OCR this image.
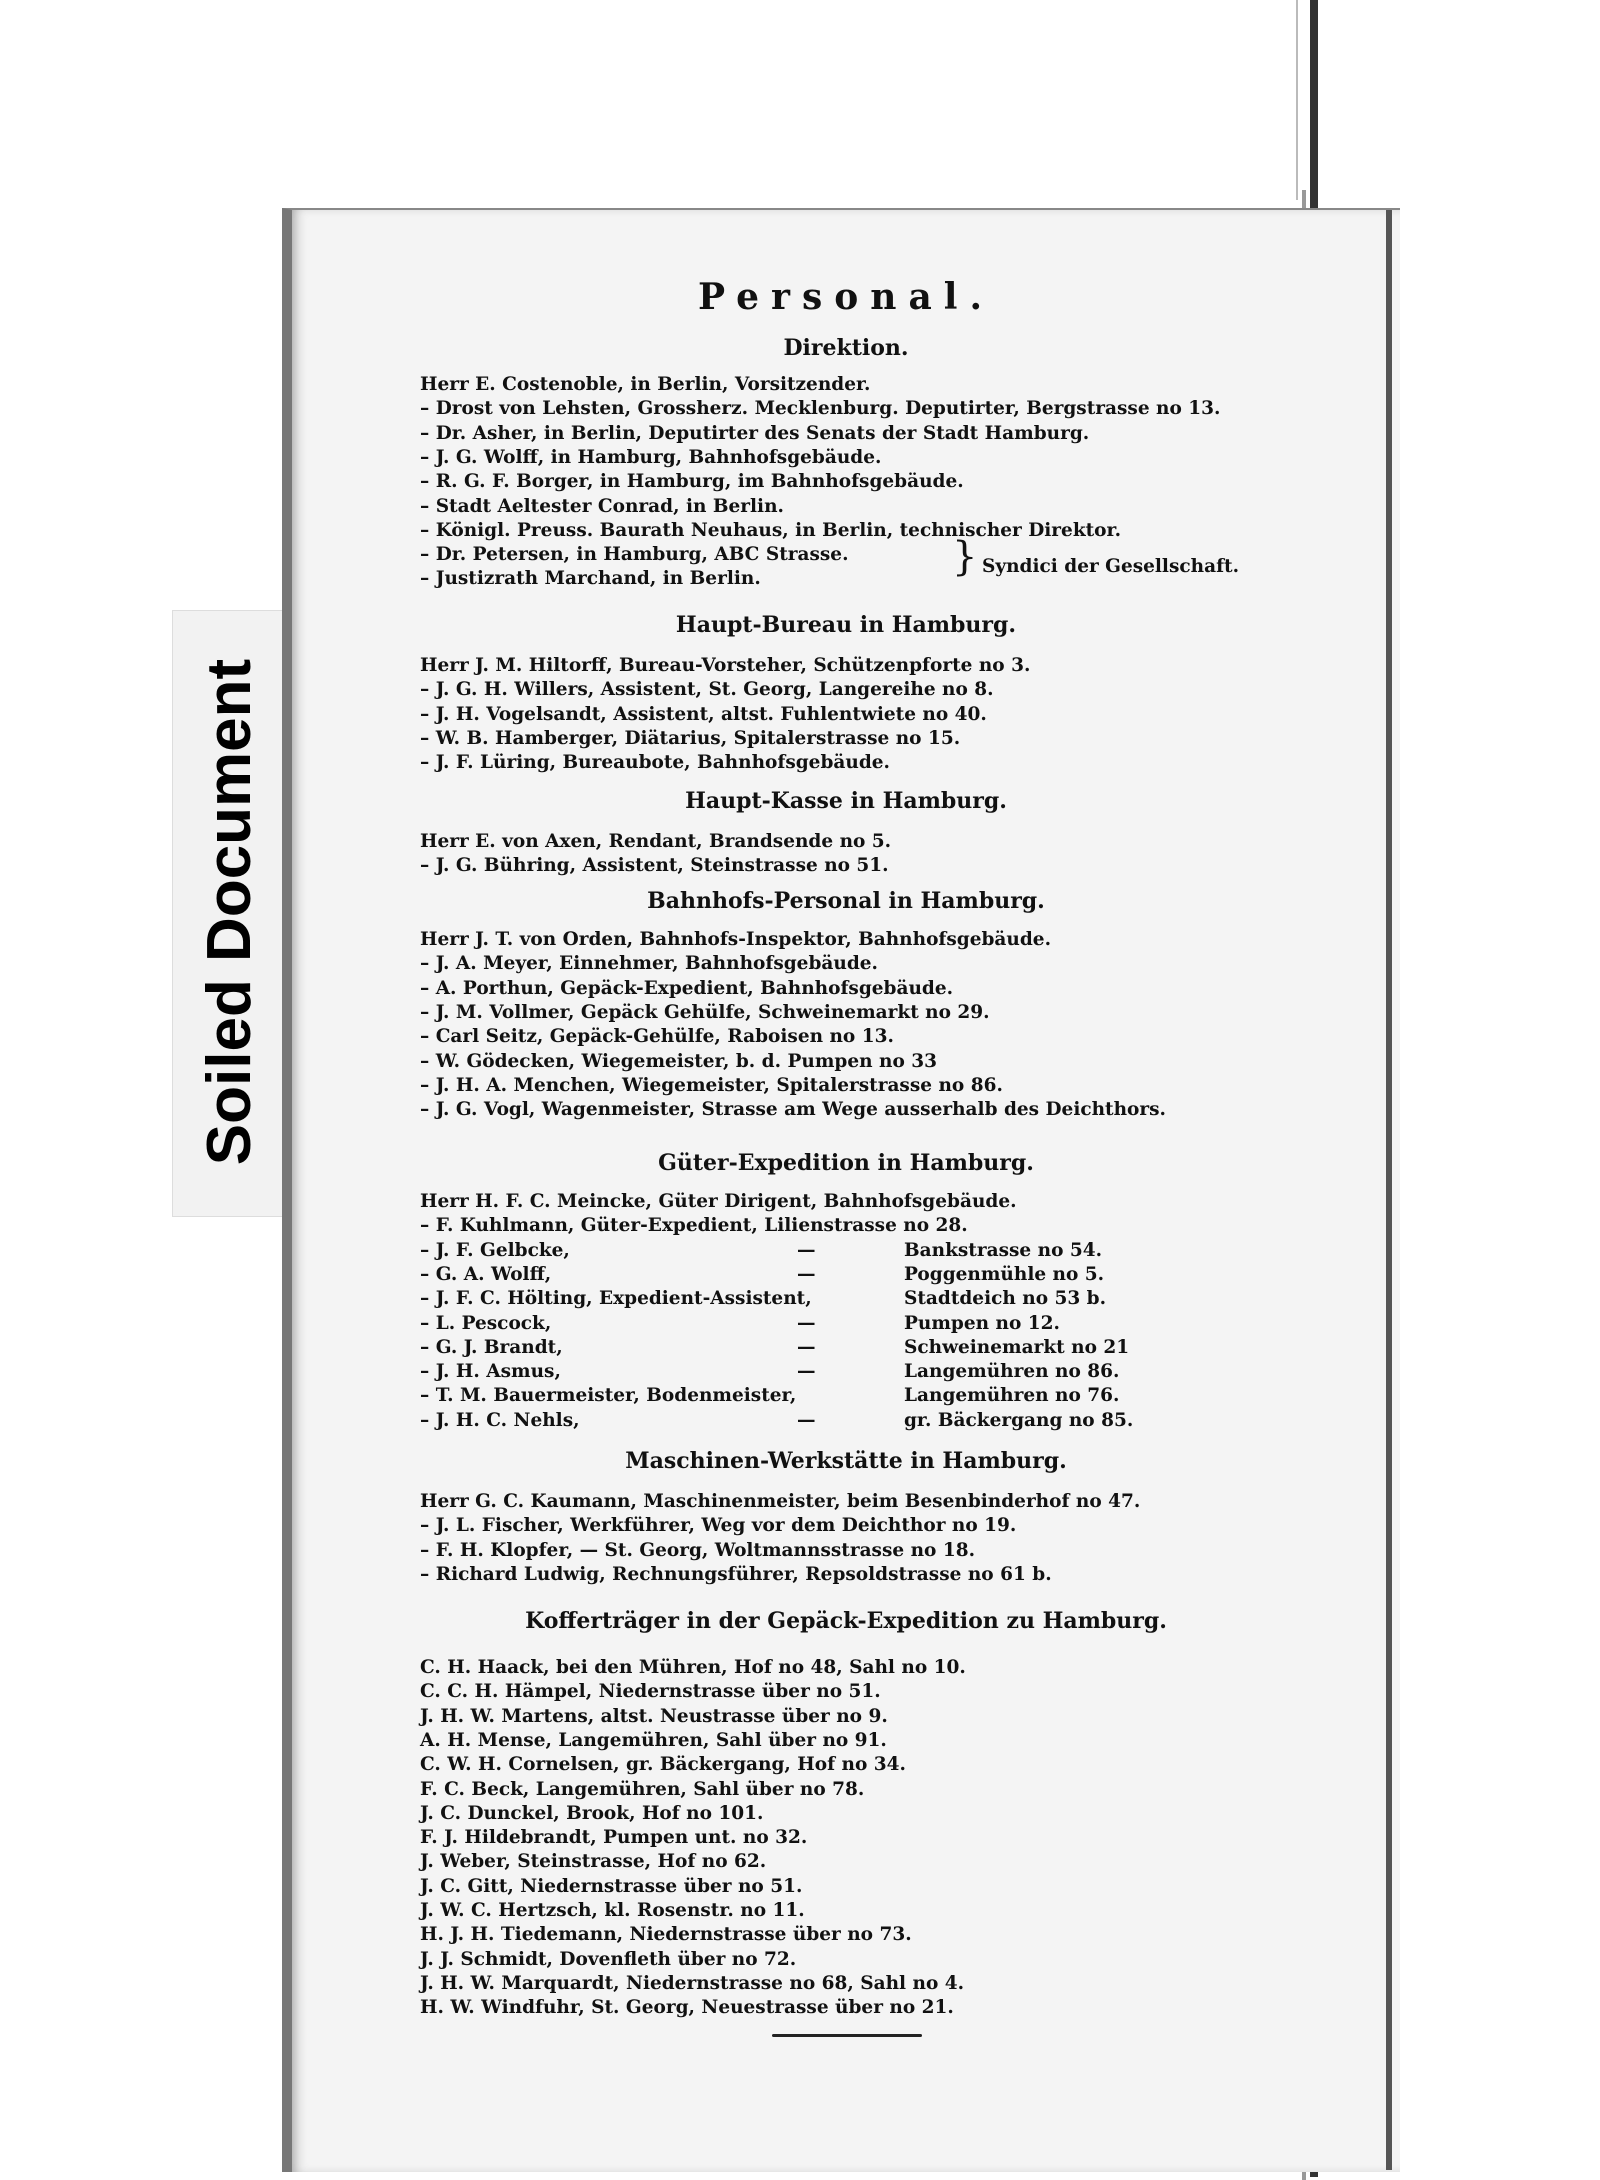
Soiled Document
Personal.
Direktion.
Herr E. Costenoble, in Berlin, Vorsitzender.
– Drost von Lehsten, Grossherz. Mecklenburg. Deputirter, Bergstrasse no 13.
– Dr. Asher, in Berlin, Deputirter des Senats der Stadt Hamburg.
– J. G. Wolff, in Hamburg, Bahnhofsgebäude.
– R. G. F. Borger, in Hamburg, im Bahnhofsgebäude.
– Stadt Aeltester Conrad, in Berlin.
– Königl. Preuss. Baurath Neuhaus, in Berlin, technischer Direktor.
– Dr. Petersen, in Hamburg, ABC Strasse.
– Justizrath Marchand, in Berlin.	} Syndici der Gesellschaft.
Haupt-Bureau in Hamburg.
Herr J. M. Hiltorff, Bureau-Vorsteher, Schützenpforte no 3.
– J. G. H. Willers, Assistent, St. Georg, Langereihe no 8.
– J. H. Vogelsandt, Assistent, altst. Fuhlentwiete no 40.
– W. B. Hamberger, Diätarius, Spitalerstrasse no 15.
– J. F. Lüring, Bureaubote, Bahnhofsgebäude.
Haupt-Kasse in Hamburg.
Herr E. von Axen, Rendant, Brandsende no 5.
– J. G. Bühring, Assistent, Steinstrasse no 51.
Bahnhofs-Personal in Hamburg.
Herr J. T. von Orden, Bahnhofs-Inspektor, Bahnhofsgebäude.
– J. A. Meyer, Einnehmer, Bahnhofsgebäude.
– A. Porthun, Gepäck-Expedient, Bahnhofsgebäude.
– J. M. Vollmer, Gepäck Gehülfe, Schweinemarkt no 29.
– Carl Seitz, Gepäck-Gehülfe, Raboisen no 13.
– W. Gödecken, Wiegemeister, b. d. Pumpen no 33
– J. H. A. Menchen, Wiegemeister, Spitalerstrasse no 86.
– J. G. Vogl, Wagenmeister, Strasse am Wege ausserhalb des Deichthors.
Güter-Expedition in Hamburg.
Herr H. F. C. Meincke, Güter Dirigent, Bahnhofsgebäude.
– F. Kuhlmann, Güter-Expedient, Lilienstrasse no 28.
– J. F. Gelbcke,	—	Bankstrasse no 54.
– G. A. Wolff,	—	Poggenmühle no 5.
– J. F. C. Hölting, Expedient-Assistent,	Stadtdeich no 53 b.
– L. Pescock,	—	Pumpen no 12.
– G. J. Brandt,	—	Schweinemarkt no 21
– J. H. Asmus,	—	Langemühren no 86.
– T. M. Bauermeister, Bodenmeister,	Langemühren no 76.
– J. H. C. Nehls,	—	gr. Bäckergang no 85.
Maschinen-Werkstätte in Hamburg.
Herr G. C. Kaumann, Maschinenmeister, beim Besenbinderhof no 47.
– J. L. Fischer, Werkführer, Weg vor dem Deichthor no 19.
– F. H. Klopfer, — St. Georg, Woltmannsstrasse no 18.
– Richard Ludwig, Rechnungsführer, Repsoldstrasse no 61 b.
Kofferträger in der Gepäck-Expedition zu Hamburg.
C. H. Haack, bei den Mühren, Hof no 48, Sahl no 10.
C. C. H. Hämpel, Niedernstrasse über no 51.
J. H. W. Martens, altst. Neustrasse über no 9.
A. H. Mense, Langemühren, Sahl über no 91.
C. W. H. Cornelsen, gr. Bäckergang, Hof no 34.
F. C. Beck, Langemühren, Sahl über no 78.
J. C. Dunckel, Brook, Hof no 101.
F. J. Hildebrandt, Pumpen unt. no 32.
J. Weber, Steinstrasse, Hof no 62.
J. C. Gitt, Niedernstrasse über no 51.
J. W. C. Hertzsch, kl. Rosenstr. no 11.
H. J. H. Tiedemann, Niedernstrasse über no 73.
J. J. Schmidt, Dovenfleth über no 72.
J. H. W. Marquardt, Niedernstrasse no 68, Sahl no 4.
H. W. Windfuhr, St. Georg, Neuestrasse über no 21.
